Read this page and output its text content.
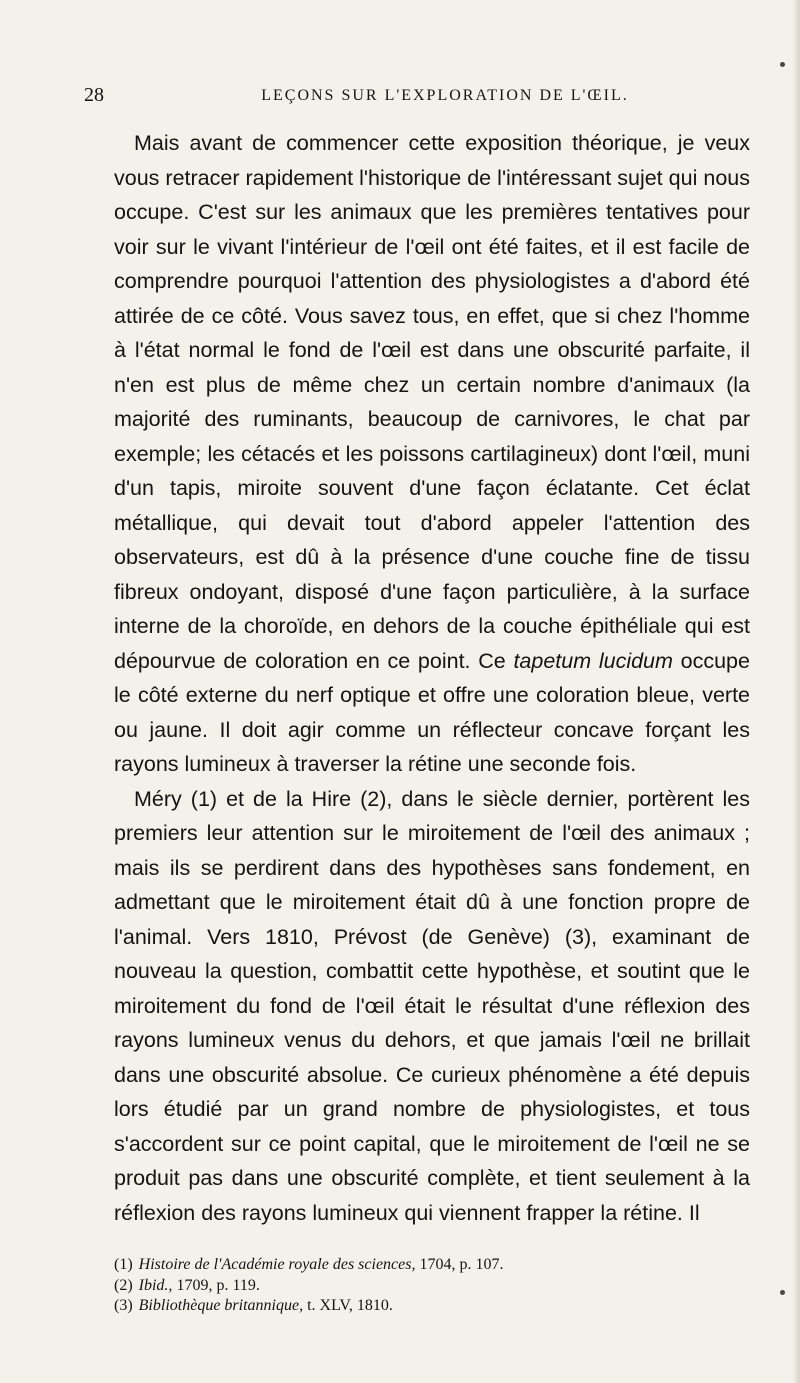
28	LEÇONS SUR L'EXPLORATION DE L'ŒIL.

Mais avant de commencer cette exposition théorique, je veux vous retracer rapidement l'historique de l'intéressant sujet qui nous occupe. C'est sur les animaux que les premières tentatives pour voir sur le vivant l'intérieur de l'œil ont été faites, et il est facile de comprendre pourquoi l'attention des physiologistes a d'abord été attirée de ce côté. Vous savez tous, en effet, que si chez l'homme à l'état normal le fond de l'œil est dans une obscurité parfaite, il n'en est plus de même chez un certain nombre d'animaux (la majorité des ruminants, beaucoup de carnivores, le chat par exemple; les cétacés et les poissons cartilagineux) dont l'œil, muni d'un tapis, miroite souvent d'une façon éclatante. Cet éclat métallique, qui devait tout d'abord appeler l'attention des observateurs, est dû à la présence d'une couche fine de tissu fibreux ondoyant, disposé d'une façon particulière, à la surface interne de la choroïde, en dehors de la couche épithéliale qui est dépourvue de coloration en ce point. Ce tapetum lucidum occupe le côté externe du nerf optique et offre une coloration bleue, verte ou jaune. Il doit agir comme un réflecteur concave forçant les rayons lumineux à traverser la rétine une seconde fois.

Méry (1) et de la Hire (2), dans le siècle dernier, portèrent les premiers leur attention sur le miroitement de l'œil des animaux ; mais ils se perdirent dans des hypothèses sans fondement, en admettant que le miroitement était dû à une fonction propre de l'animal. Vers 1810, Prévost (de Genève) (3), examinant de nouveau la question, combattit cette hypothèse, et soutint que le miroitement du fond de l'œil était le résultat d'une réflexion des rayons lumineux venus du dehors, et que jamais l'œil ne brillait dans une obscurité absolue. Ce curieux phénomène a été depuis lors étudié par un grand nombre de physiologistes, et tous s'accordent sur ce point capital, que le miroitement de l'œil ne se produit pas dans une obscurité complète, et tient seulement à la réflexion des rayons lumineux qui viennent frapper la rétine. Il

(1) Histoire de l'Académie royale des sciences, 1704, p. 107.
(2) Ibid., 1709, p. 119.
(3) Bibliothèque britannique, t. XLV, 1810.
